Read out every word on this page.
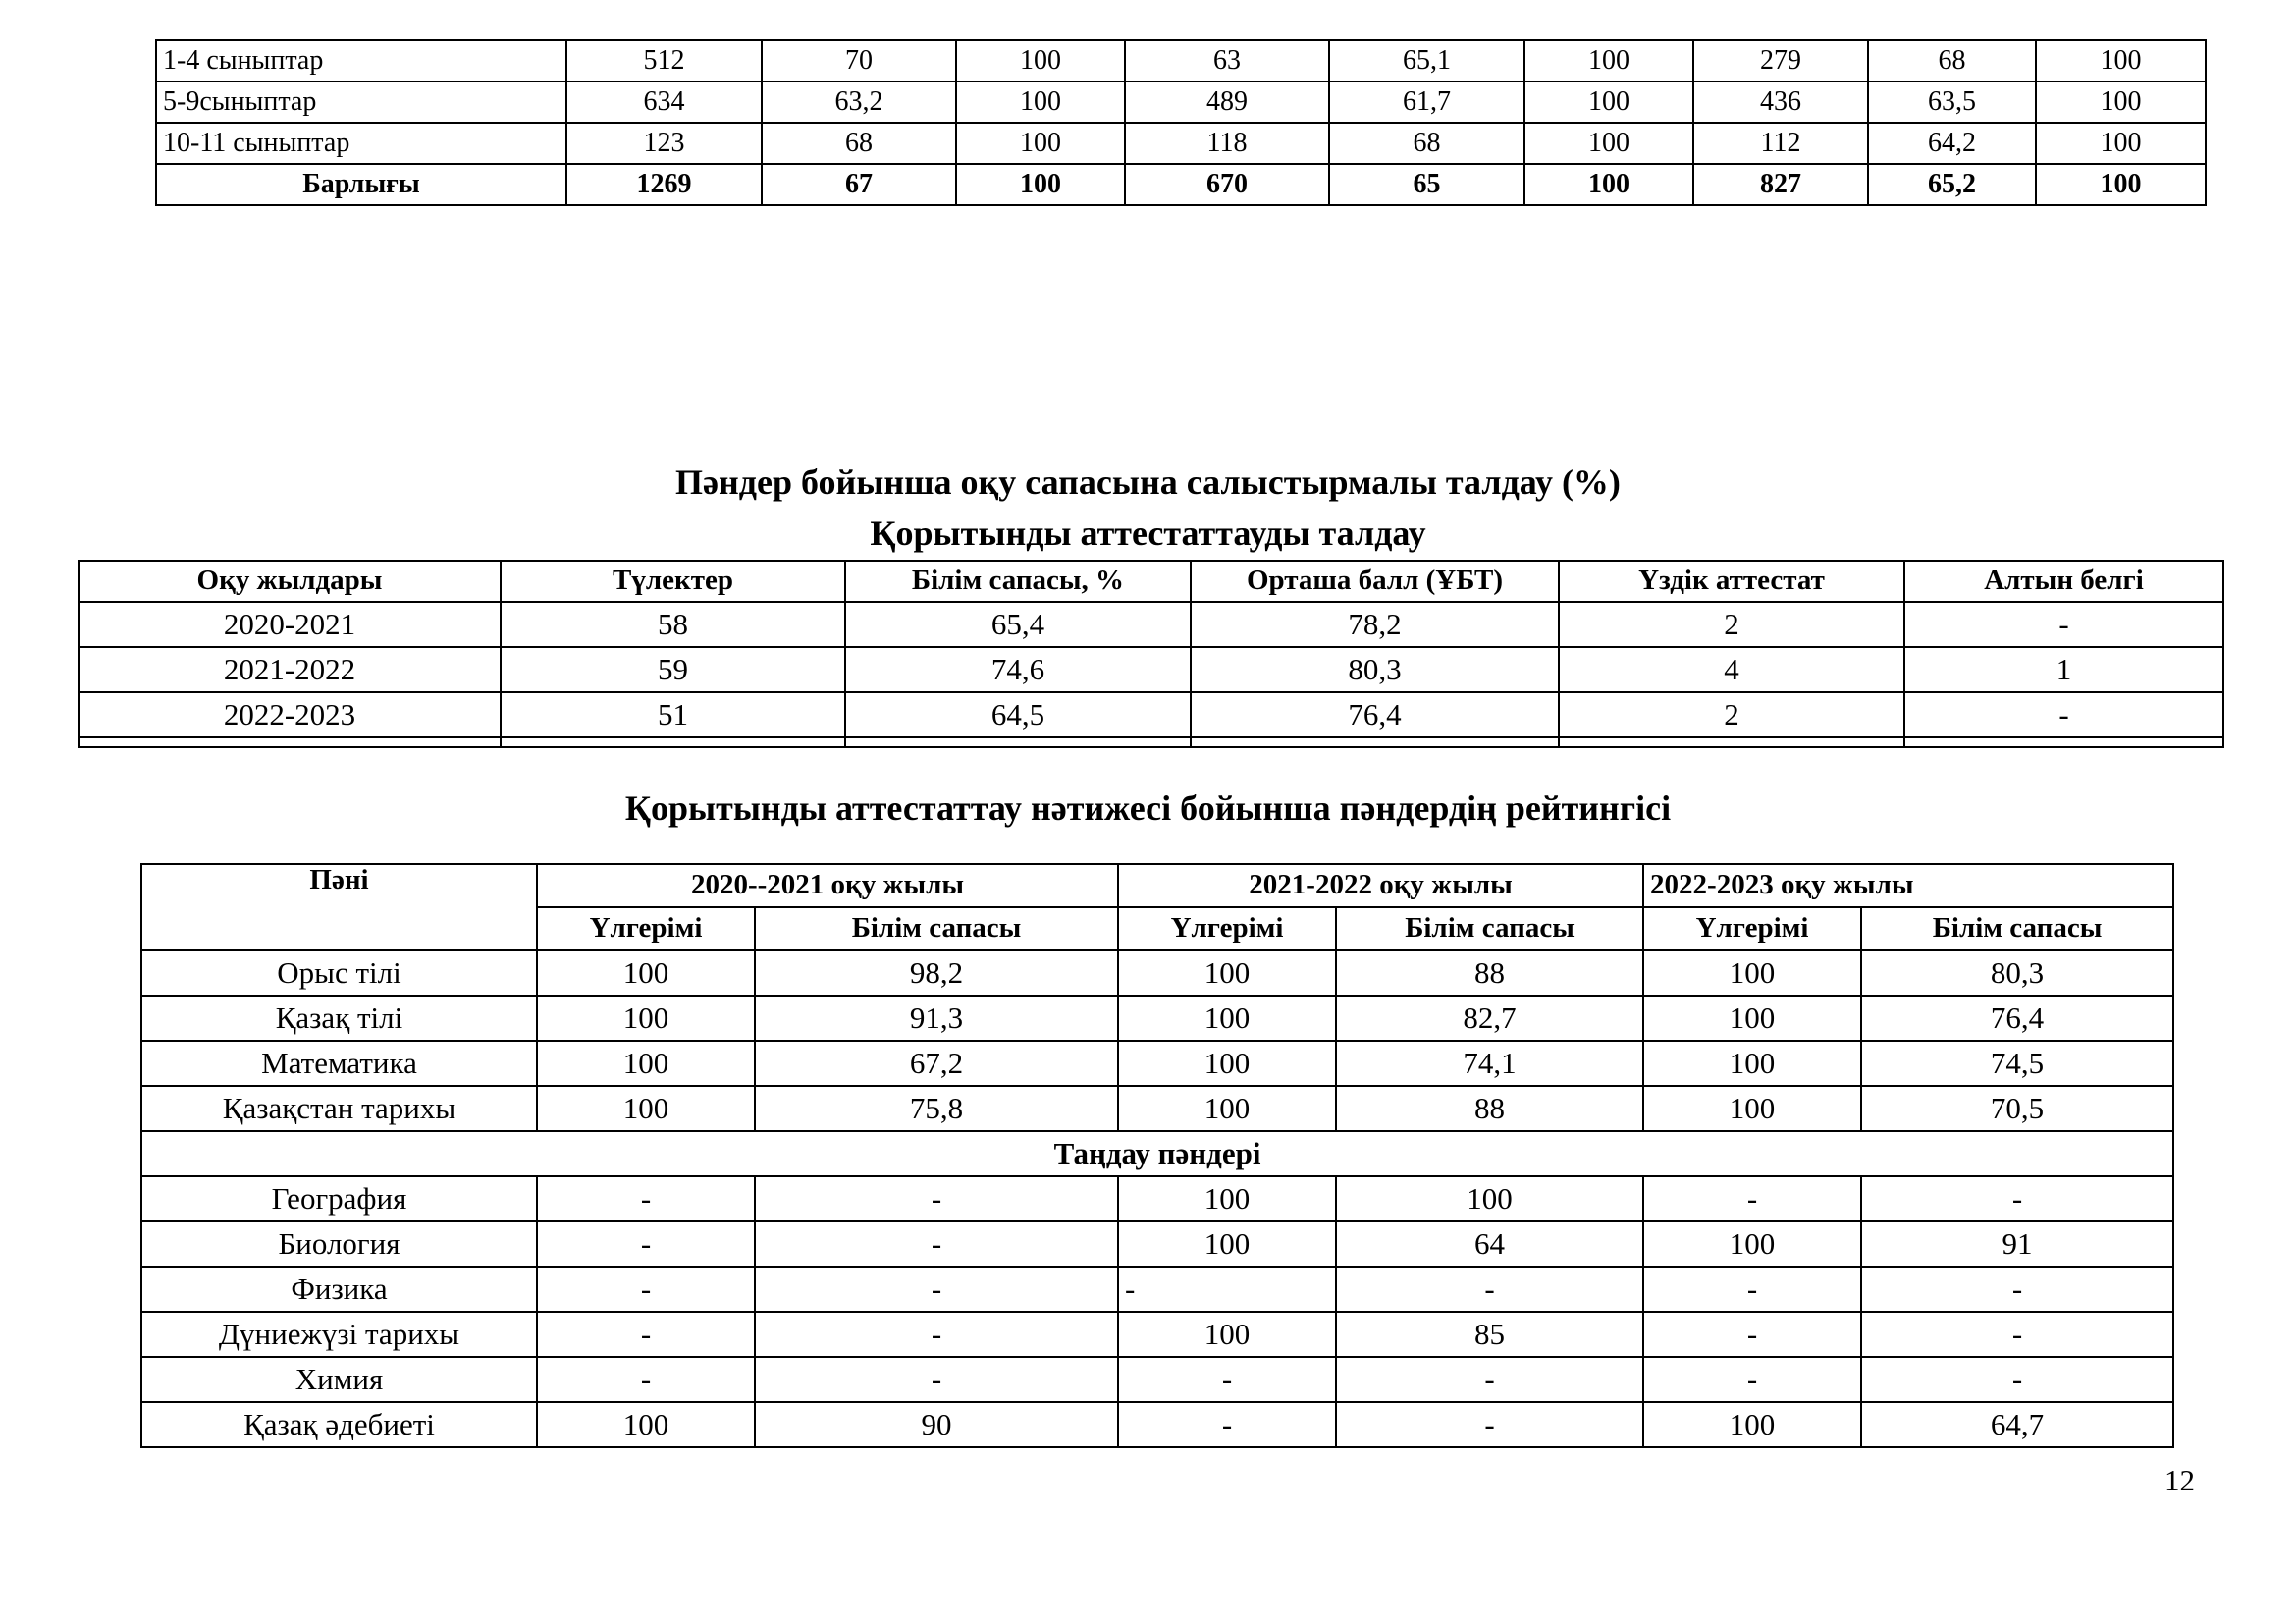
1-4 сыныптар	512	70	100	63	65,1	100	279	68	100
5-9сыныптар	634	63,2	100	489	61,7	100	436	63,5	100
10-11 сыныптар	123	68	100	118	68	100	112	64,2	100
Барлығы	1269	67	100	670	65	100	827	65,2	100
Пәндер бойынша оқу сапасына салыстырмалы талдау (%)
Қорытынды аттестаттауды талдау
Оқу жылдары	Түлектер	Білім сапасы, %	Орташа балл (ҰБТ)	Үздік аттестат	Алтын белгі
2020-2021	58	65,4	78,2	2	-
2021-2022	59	74,6	80,3	4	1
2022-2023	51	64,5	76,4	2	-

Қорытынды аттестаттау нәтижесі бойынша пәндердің рейтингісі
Пәні	2020--2021 оқу жылы		2021-2022 оқу жылы		2022-2023 оқу жылы	
	Үлгерімі	Білім сапасы	Үлгерімі	Білім сапасы	Үлгерімі	Білім сапасы
Орыс тілі	100	98,2	100	88	100	80,3
Қазақ тілі	100	91,3	100	82,7	100	76,4
Математика	100	67,2	100	74,1	100	74,5
Қазақстан тарихы	100	75,8	100	88	100	70,5
Таңдау пәндері						
География	-	-	100	100	-	-
Биология	-	-	100	64	100	91
Физика	-	-	-	-	-	-
Дүниежүзі тарихы	-	-	100	85	-	-
Химия	-	-	-	-	-	-
Қазақ әдебиеті	100	90	-	-	100	64,7
12
